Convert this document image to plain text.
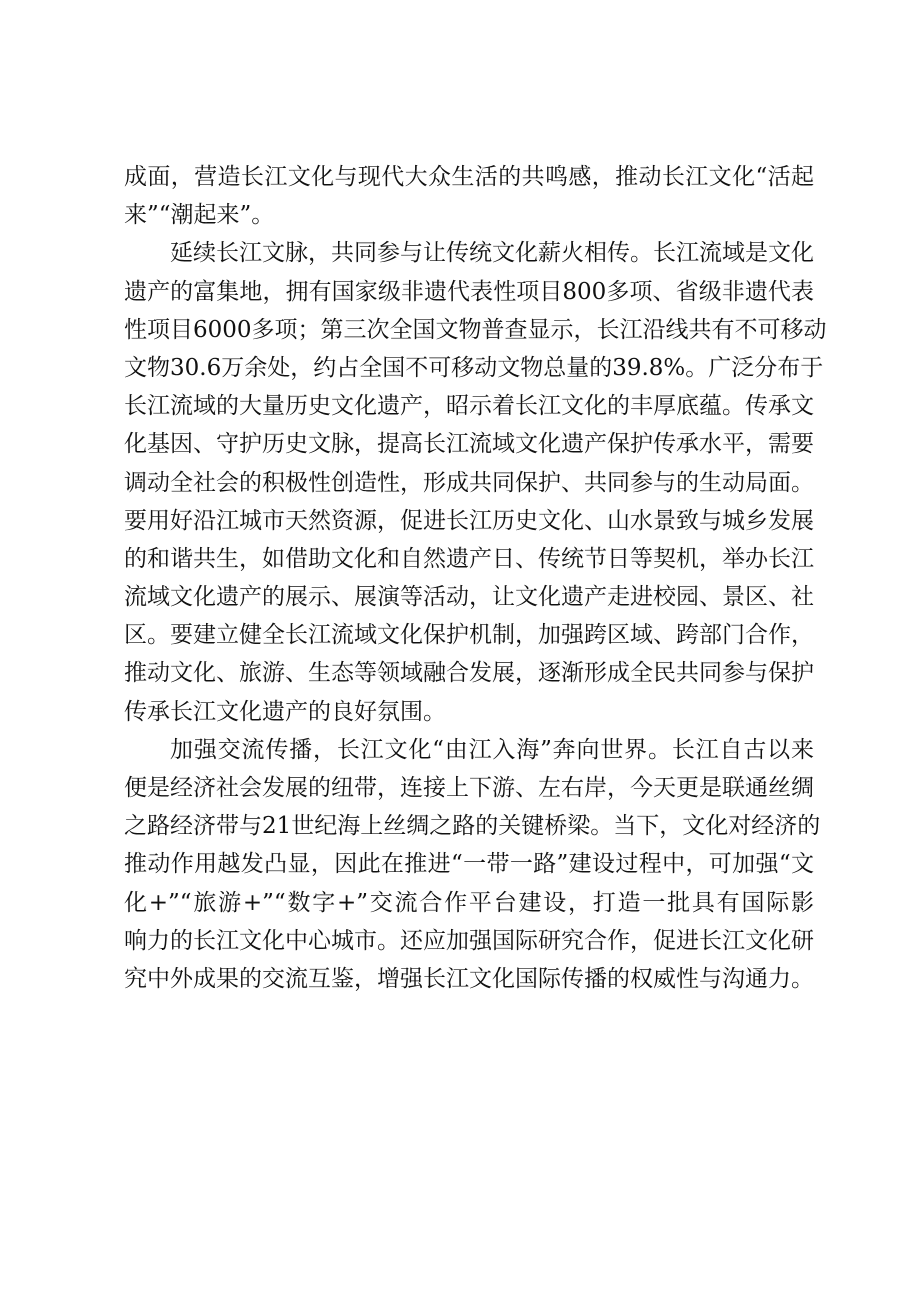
成面，营造长江文化与现代大众生活的共鸣感，推动长江文化“活起
来”“潮起来”。
延续长江文脉，共同参与让传统文化薪火相传。长江流域是文化
遗产的富集地，拥有国家级非遗代表性项目800多项、省级非遗代表
性项目6000多项；第三次全国文物普查显示，长江沿线共有不可移动
文物30.6万余处，约占全国不可移动文物总量的39.8%。广泛分布于
长江流域的大量历史文化遗产，昭示着长江文化的丰厚底蕴。传承文
化基因、守护历史文脉，提高长江流域文化遗产保护传承水平，需要
调动全社会的积极性创造性，形成共同保护、共同参与的生动局面。
要用好沿江城市天然资源，促进长江历史文化、山水景致与城乡发展
的和谐共生，如借助文化和自然遗产日、传统节日等契机，举办长江
流域文化遗产的展示、展演等活动，让文化遗产走进校园、景区、社
区。要建立健全长江流域文化保护机制，加强跨区域、跨部门合作，
推动文化、旅游、生态等领域融合发展，逐渐形成全民共同参与保护
传承长江文化遗产的良好氛围。
加强交流传播，长江文化“由江入海”奔向世界。长江自古以来
便是经济社会发展的纽带，连接上下游、左右岸，今天更是联通丝绸
之路经济带与21世纪海上丝绸之路的关键桥梁。当下，文化对经济的
推动作用越发凸显，因此在推进“一带一路”建设过程中，可加强“文
化+”“旅游+”“数字+”交流合作平台建设，打造一批具有国际影
响力的长江文化中心城市。还应加强国际研究合作，促进长江文化研
究中外成果的交流互鉴，增强长江文化国际传播的权威性与沟通力。
